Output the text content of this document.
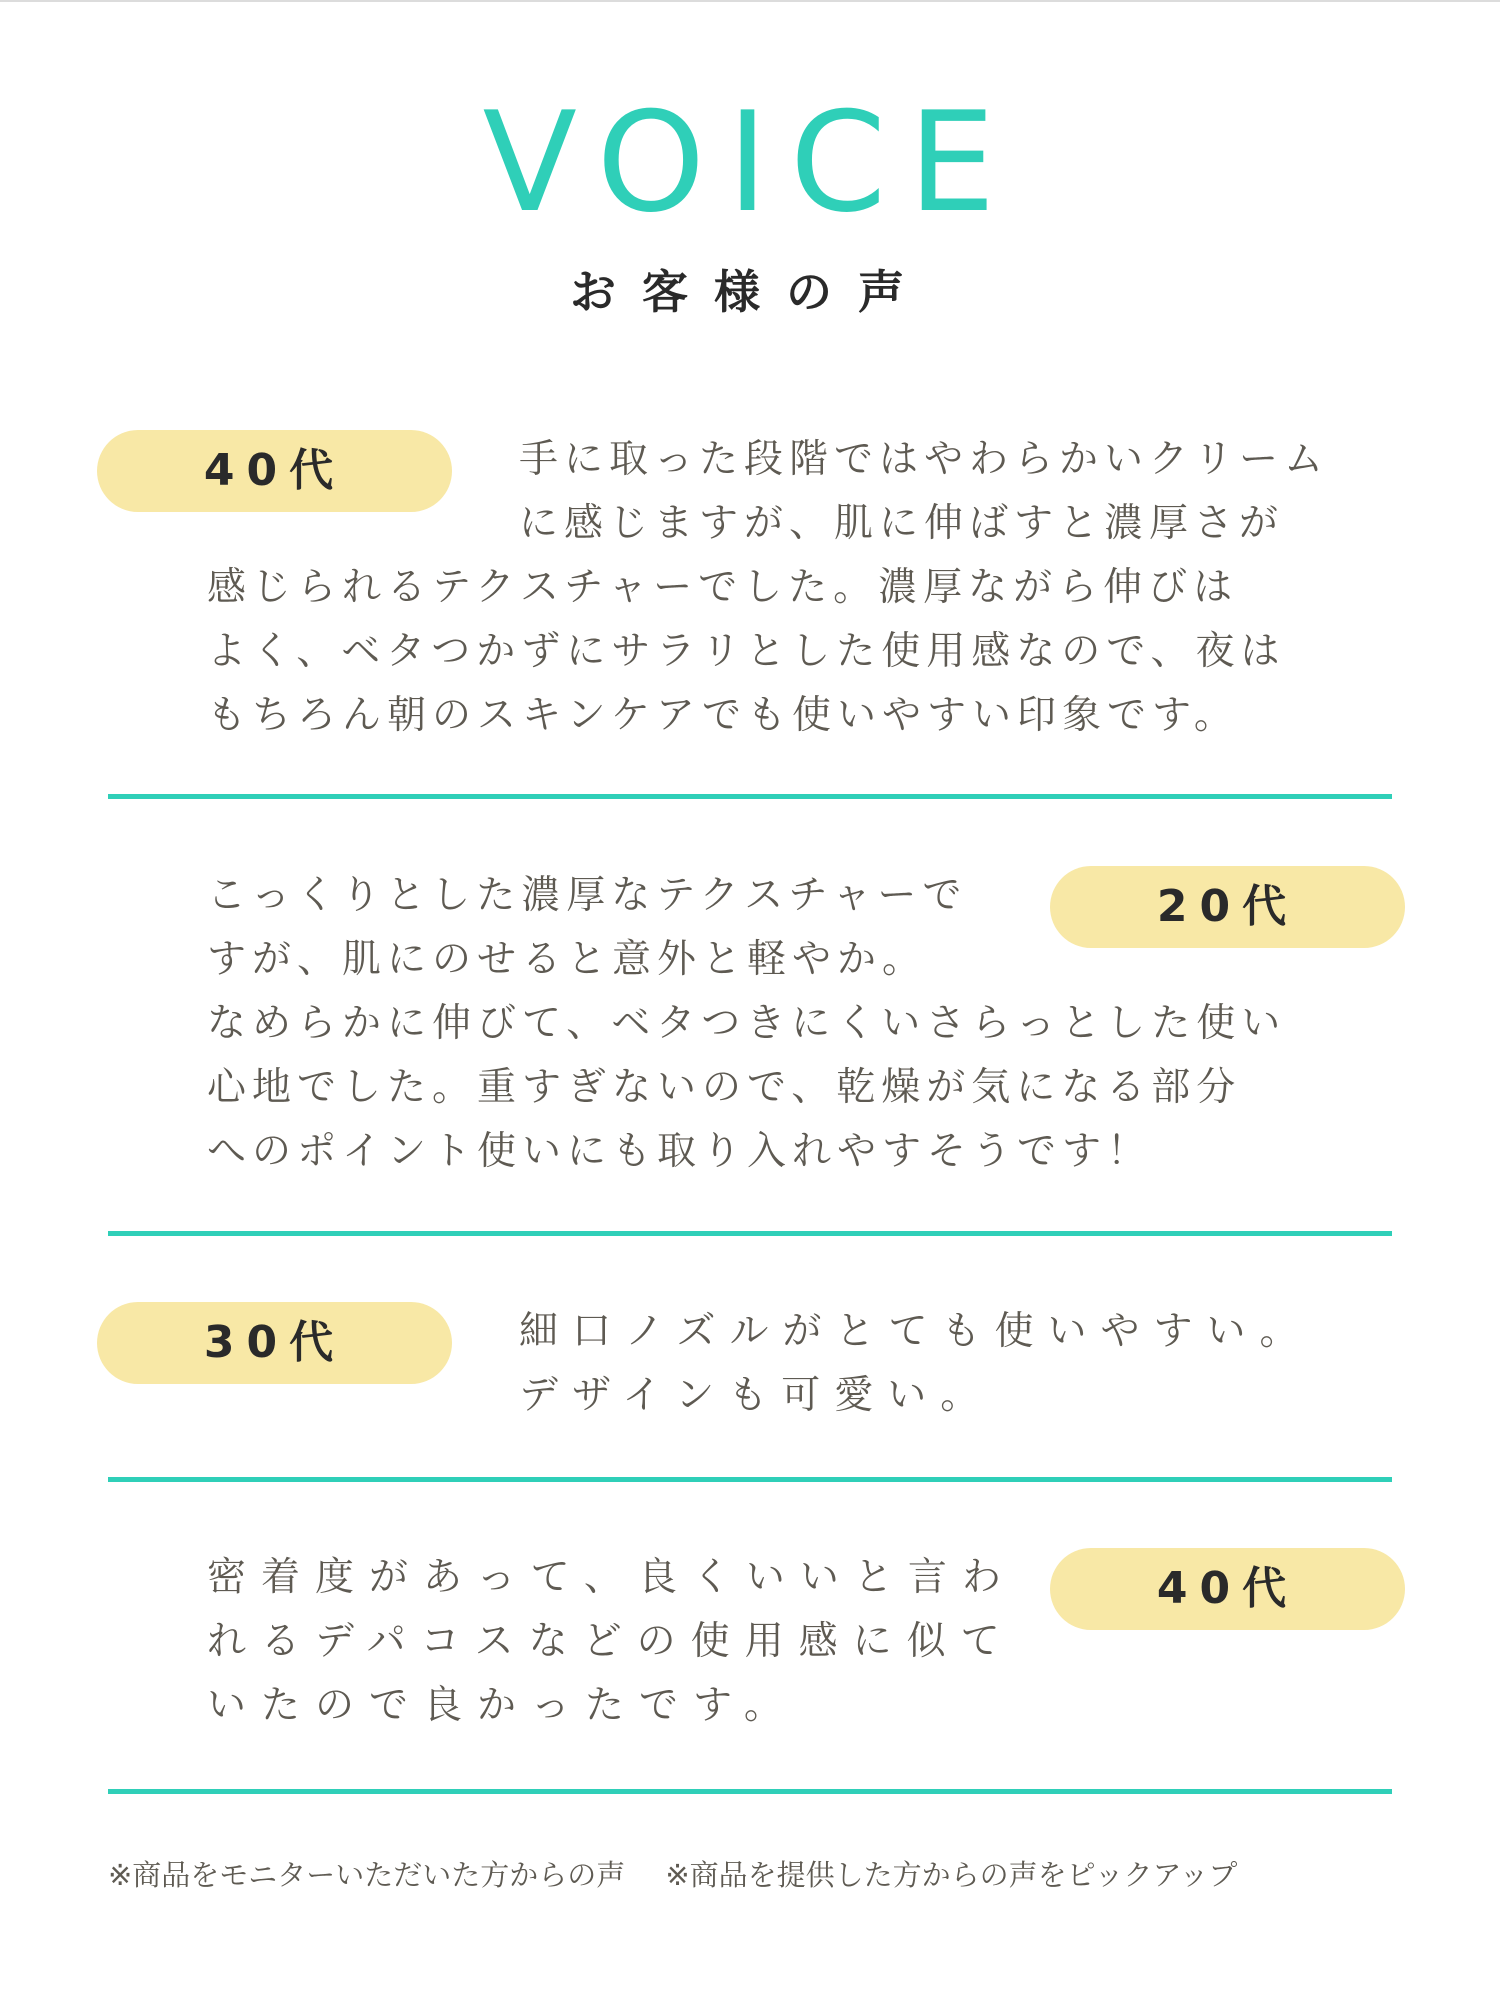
VOICE
お客様の声
40代	手に取った段階ではやわらかいクリーム
に感じますが、肌に伸ばすと濃厚さが
感じられるテクスチャーでした。濃厚ながら伸びは
よく、ベタつかずにサラリとした使用感なので、夜は
もちろん朝のスキンケアでも使いやすい印象です。
20代
こっくりとした濃厚なテクスチャーで
すが、肌にのせると意外と軽やか。
なめらかに伸びて、ベタつきにくいさらっとした使い
心地でした。重すぎないので、乾燥が気になる部分
へのポイント使いにも取り入れやすそうです！
30代	細口ノズルがとても使いやすい。
デザインも可愛い。
40代
密着度があって、良くいいと言わ
れるデパコスなどの使用感に似て
いたので良かったです。
※商品をモニターいただいた方からの声 ※商品を提供した方からの声をピックアップ
